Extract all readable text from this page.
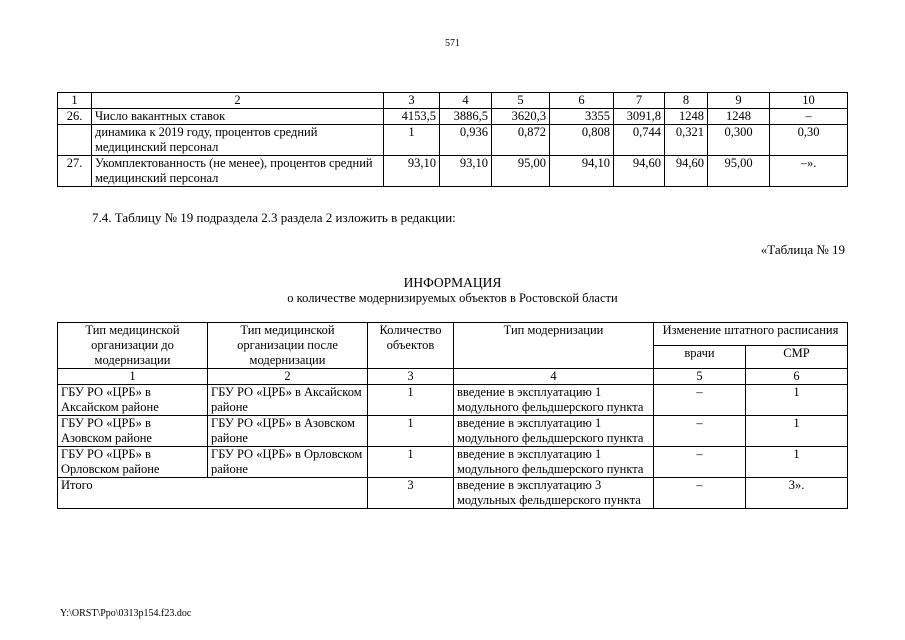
571
1	2	3	4	5	6	7	8	9	10
26.	Число вакантных ставок	4153,5	3886,5	3620,3	3355	3091,8	1248	1248	–
	динамика к 2019 году, процентов средний медицинский персонал	1	0,936	0,872	0,808	0,744	0,321	0,300	0,30
27.	Укомплектованность (не менее), процентов средний медицинский персонал	93,10	93,10	95,00	94,10	94,60	94,60	95,00	–».
7.4. Таблицу № 19 подраздела 2.3 раздела 2 изложить в редакции:
«Таблица № 19
ИНФОРМАЦИЯ
о количестве модернизируемых объектов в Ростовской бласти
Тип медицинской организации до модернизации	Тип медицинской организации после модернизации	Количество объектов	Тип модернизации	Изменение штатного расписания	
				врачи	СМР
1	2	3	4	5	6
ГБУ РО «ЦРБ» в Аксайском районе	ГБУ РО «ЦРБ» в Аксайском районе	1	введение в эксплуатацию 1 модульного фельдшерского пункта	–	1
ГБУ РО «ЦРБ» в Азовском районе	ГБУ РО «ЦРБ» в Азовском районе	1	введение в эксплуатацию 1 модульного фельдшерского пункта	–	1
ГБУ РО «ЦРБ» в Орловском районе	ГБУ РО «ЦРБ» в Орловском районе	1	введение в эксплуатацию 1 модульного фельдшерского пункта	–	1
Итого		3	введение в эксплуатацию 3 модульных фельдшерского пункта	–	3».
Y:\ORST\Ppo\0313p154.f23.doc
